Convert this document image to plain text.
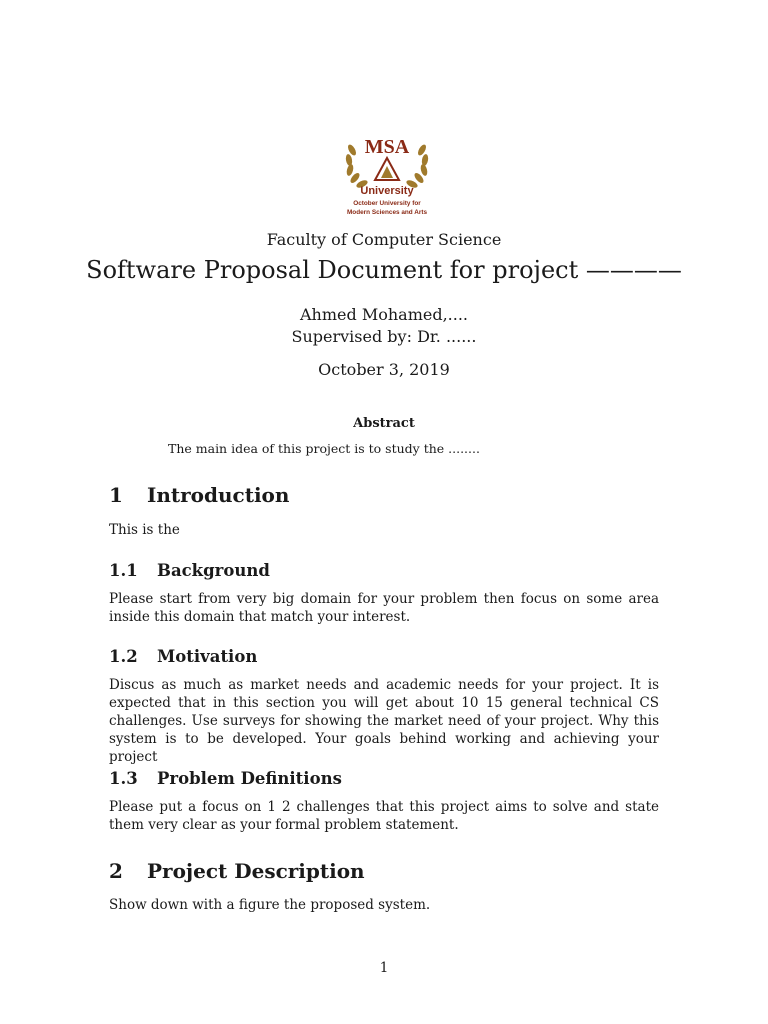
MSA
University
October University for
Modern Sciences and Arts
Faculty of Computer Science
Software Proposal Document for project ————
Ahmed Mohamed,....
Supervised by: Dr. ......
October 3, 2019
Abstract
The main idea of this project is to study the ........
1 Introduction
This is the
1.1 Background
Please start from very big domain for your problem then focus on some area inside this domain that match your interest.
1.2 Motivation
Discus as much as market needs and academic needs for your project. It is expected that in this section you will get about 10 15 general technical CS challenges. Use surveys for showing the market need of your project. Why this system is to be developed. Your goals behind working and achieving your project
1.3 Problem Definitions
Please put a focus on 1 2 challenges that this project aims to solve and state them very clear as your formal problem statement.
2 Project Description
Show down with a figure the proposed system.
1
